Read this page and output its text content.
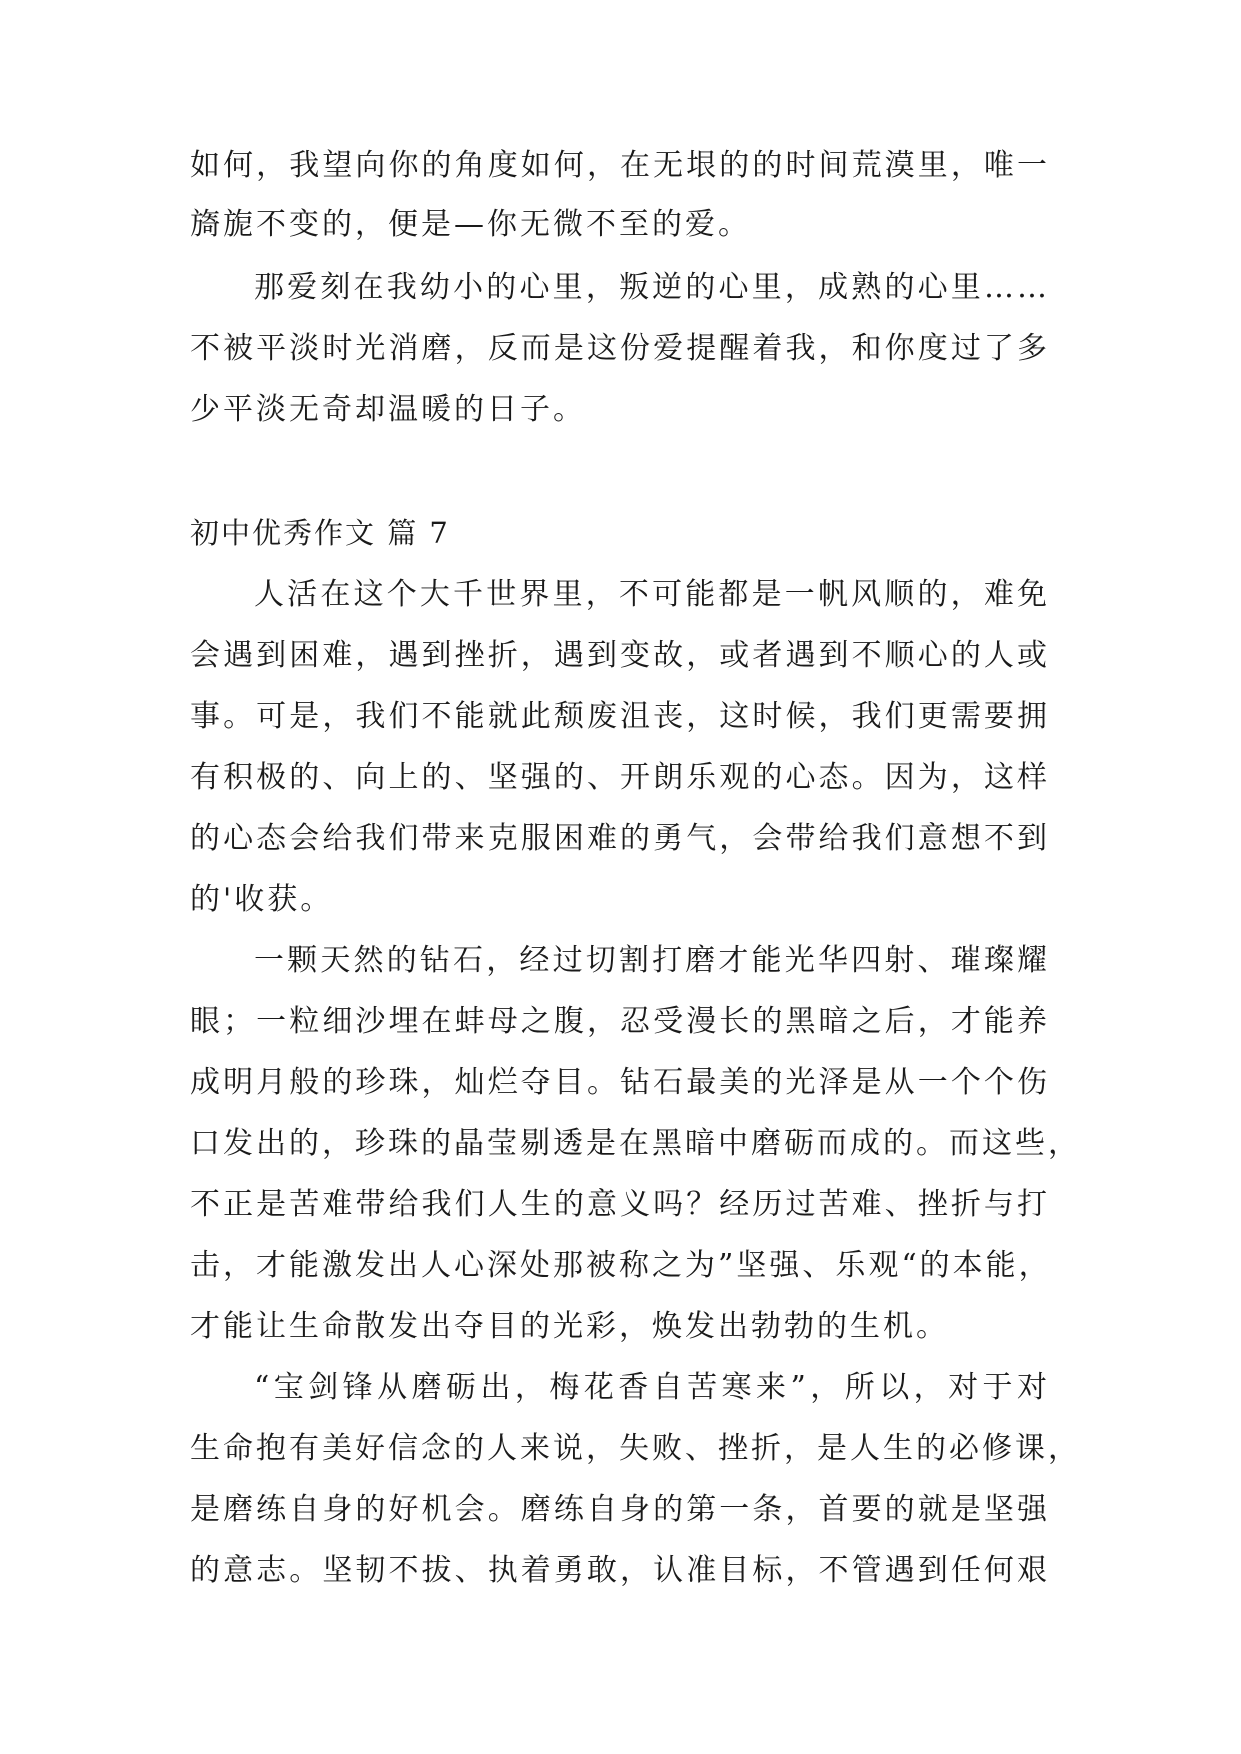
如何，我望向你的角度如何，在无垠的的时间荒漠里，唯一
旖旎不变的，便是—你无微不至的爱。
那爱刻在我幼小的心里，叛逆的心里，成熟的心里……
不被平淡时光消磨，反而是这份爱提醒着我，和你度过了多
少平淡无奇却温暖的日子。
初中优秀作文 篇 7
人活在这个大千世界里，不可能都是一帆风顺的，难免
会遇到困难，遇到挫折，遇到变故，或者遇到不顺心的人或
事。可是，我们不能就此颓废沮丧，这时候，我们更需要拥
有积极的、向上的、坚强的、开朗乐观的心态。因为，这样
的心态会给我们带来克服困难的勇气，会带给我们意想不到
的'收获。
一颗天然的钻石，经过切割打磨才能光华四射、璀璨耀
眼；一粒细沙埋在蚌母之腹，忍受漫长的黑暗之后，才能养
成明月般的珍珠，灿烂夺目。钻石最美的光泽是从一个个伤
口发出的，珍珠的晶莹剔透是在黑暗中磨砺而成的。而这些，
不正是苦难带给我们人生的意义吗？经历过苦难、挫折与打
击，才能激发出人心深处那被称之为”坚强、乐观“的本能，
才能让生命散发出夺目的光彩，焕发出勃勃的生机。
“宝剑锋从磨砺出，梅花香自苦寒来”，所以，对于对
生命抱有美好信念的人来说，失败、挫折，是人生的必修课，
是磨练自身的好机会。磨练自身的第一条，首要的就是坚强
的意志。坚韧不拔、执着勇敢，认准目标，不管遇到任何艰
